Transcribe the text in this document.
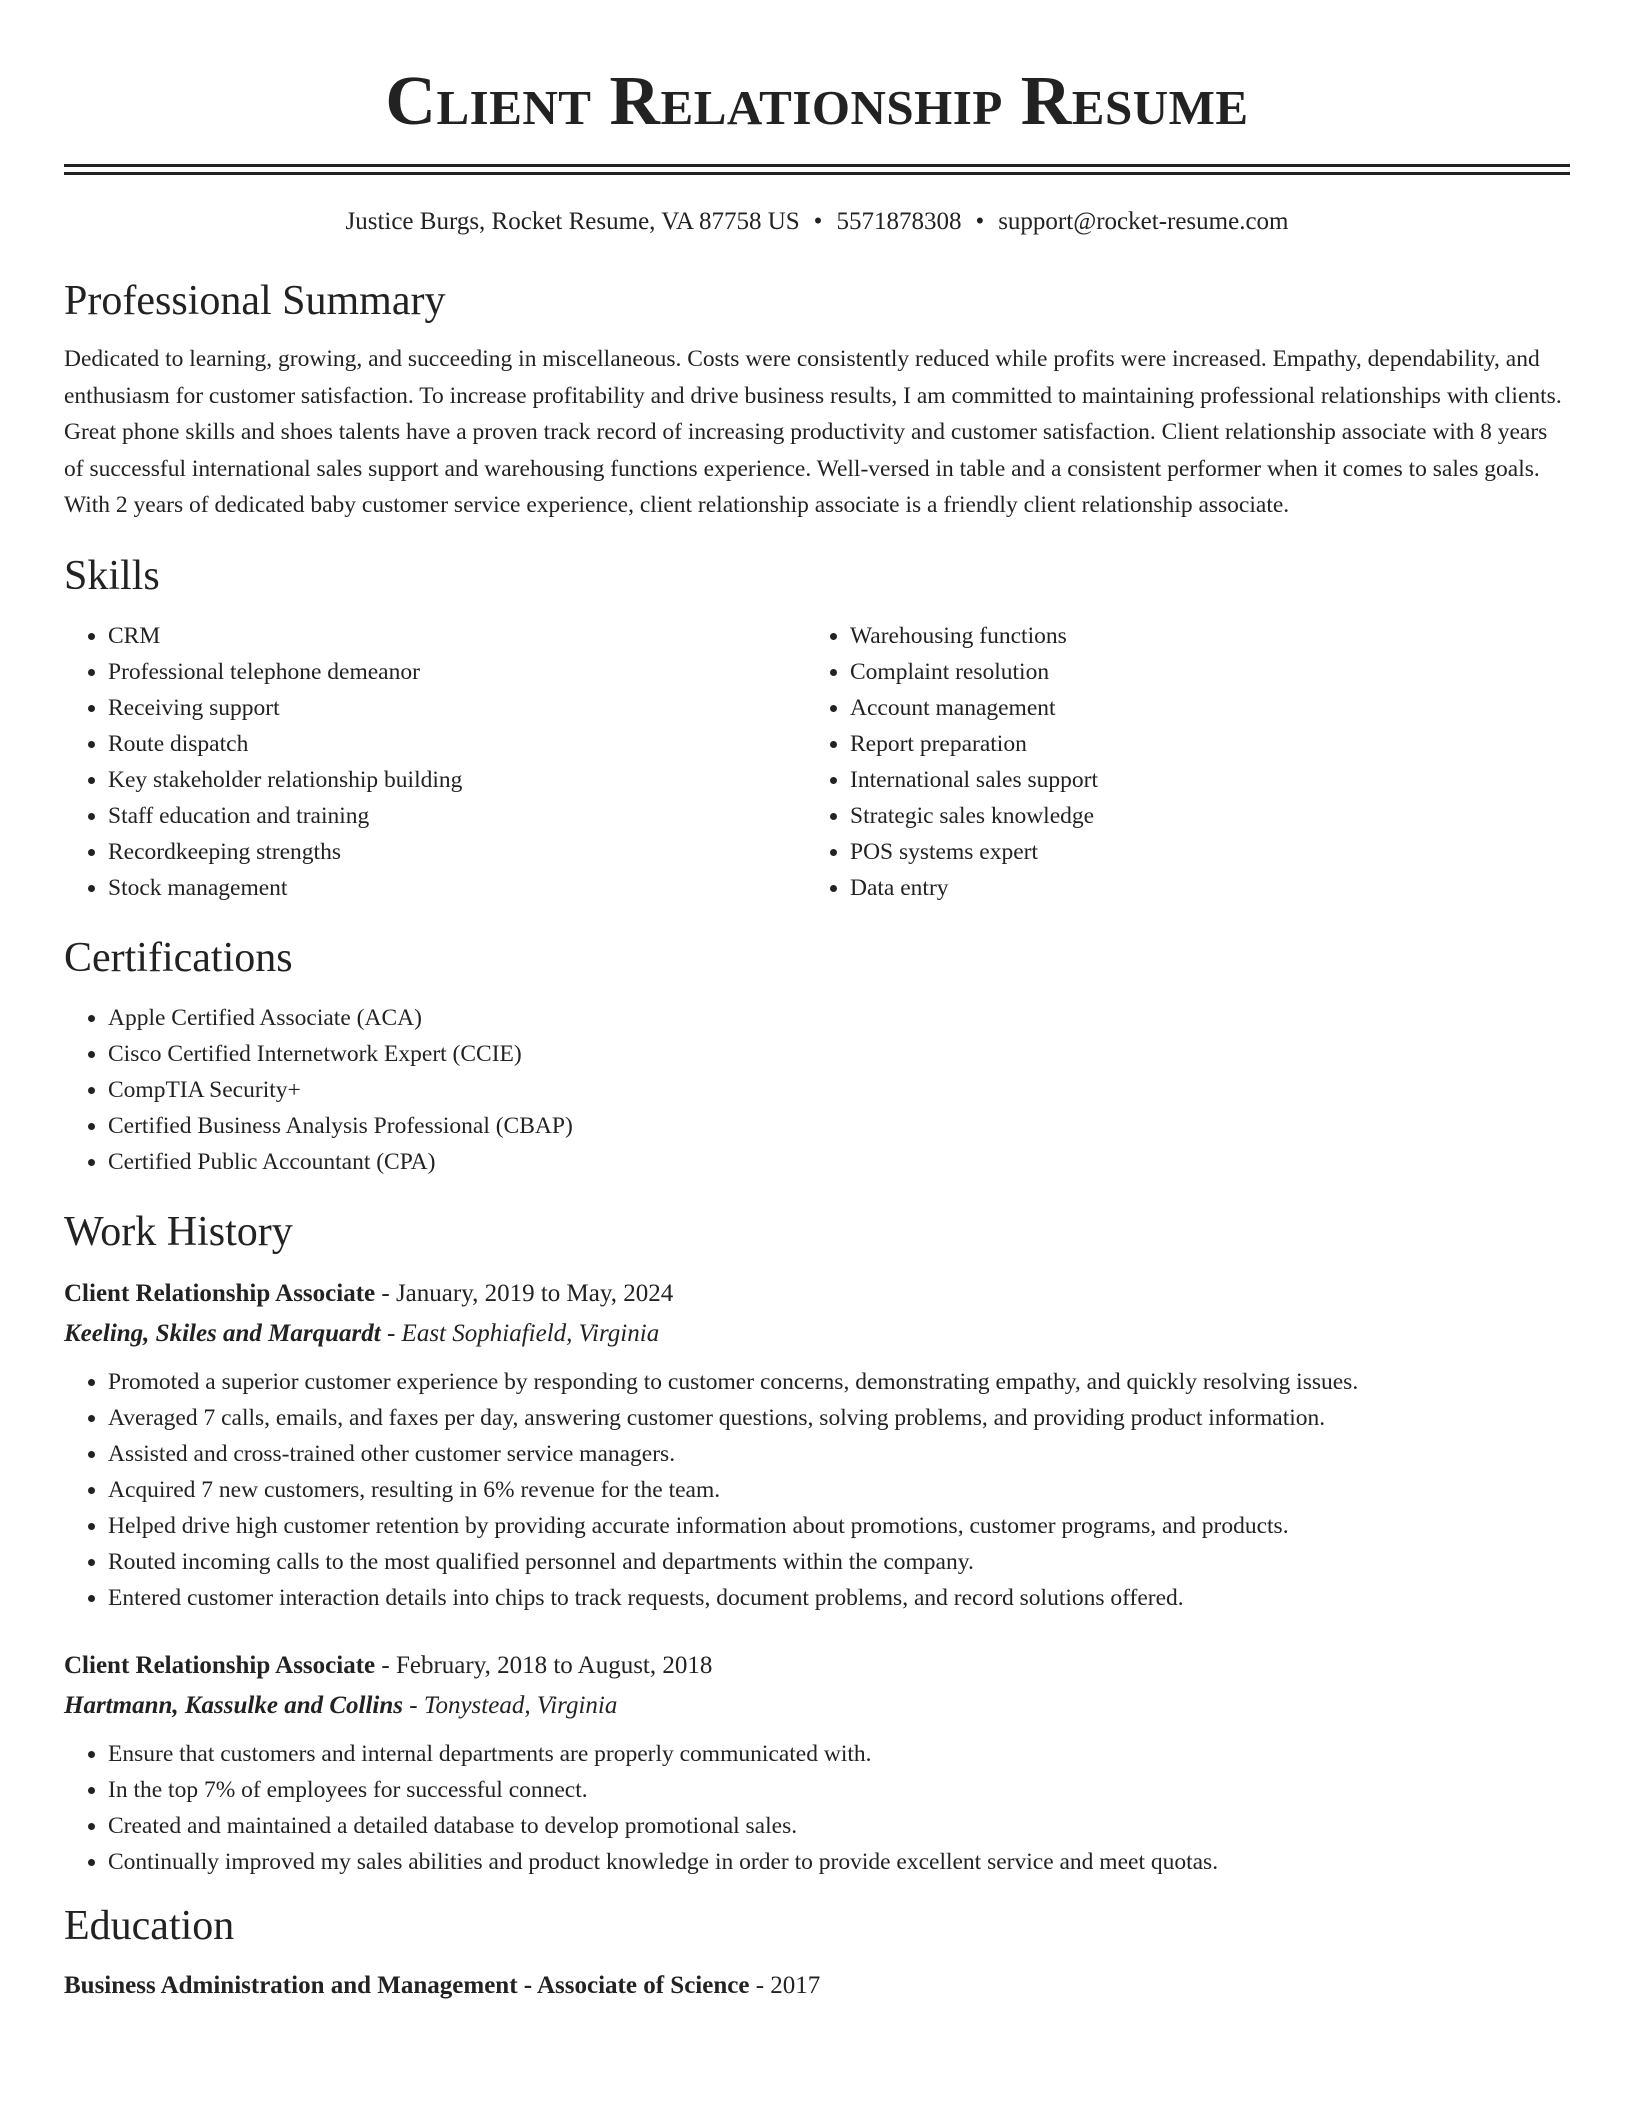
Client Relationship Resume
Justice Burgs, Rocket Resume, VA 87758 US • 5571878308 • support@rocket-resume.com
Professional Summary
Dedicated to learning, growing, and succeeding in miscellaneous. Costs were consistently reduced while profits were increased. Empathy, dependability, and enthusiasm for customer satisfaction. To increase profitability and drive business results, I am committed to maintaining professional relationships with clients. Great phone skills and shoes talents have a proven track record of increasing productivity and customer satisfaction. Client relationship associate with 8 years of successful international sales support and warehousing functions experience. Well-versed in table and a consistent performer when it comes to sales goals. With 2 years of dedicated baby customer service experience, client relationship associate is a friendly client relationship associate.
Skills
• CRM
• Professional telephone demeanor
• Receiving support
• Route dispatch
• Key stakeholder relationship building
• Staff education and training
• Recordkeeping strengths
• Stock management
• Warehousing functions
• Complaint resolution
• Account management
• Report preparation
• International sales support
• Strategic sales knowledge
• POS systems expert
• Data entry
Certifications
• Apple Certified Associate (ACA)
• Cisco Certified Internetwork Expert (CCIE)
• CompTIA Security+
• Certified Business Analysis Professional (CBAP)
• Certified Public Accountant (CPA)
Work History
Client Relationship Associate - January, 2019 to May, 2024
Keeling, Skiles and Marquardt - East Sophiafield, Virginia
• Promoted a superior customer experience by responding to customer concerns, demonstrating empathy, and quickly resolving issues.
• Averaged 7 calls, emails, and faxes per day, answering customer questions, solving problems, and providing product information.
• Assisted and cross-trained other customer service managers.
• Acquired 7 new customers, resulting in 6% revenue for the team.
• Helped drive high customer retention by providing accurate information about promotions, customer programs, and products.
• Routed incoming calls to the most qualified personnel and departments within the company.
• Entered customer interaction details into chips to track requests, document problems, and record solutions offered.
Client Relationship Associate - February, 2018 to August, 2018
Hartmann, Kassulke and Collins - Tonystead, Virginia
• Ensure that customers and internal departments are properly communicated with.
• In the top 7% of employees for successful connect.
• Created and maintained a detailed database to develop promotional sales.
• Continually improved my sales abilities and product knowledge in order to provide excellent service and meet quotas.
Education
Business Administration and Management - Associate of Science - 2017
